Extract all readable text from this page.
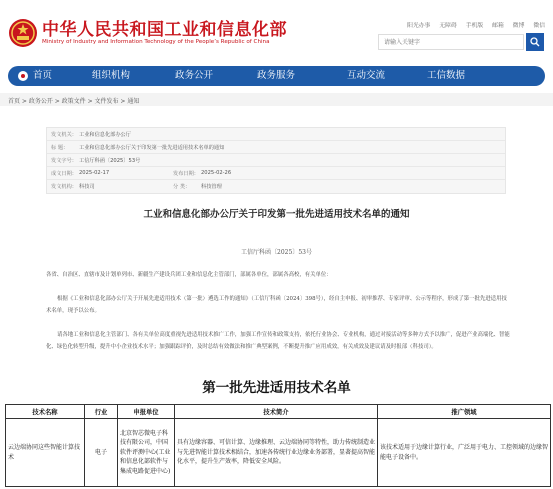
中华人民共和国工业和信息化部
Ministry of Industry and Information Technology of the People’s Republic of China
阳光办事 无障碍 手机版 邮箱 微博 微信
请输入关键字
首页	组织机构	政务公开	政务服务	互动交流	工信数据
首页 > 政务公开 > 政策文件 > 文件发布 > 通知
发文机关： 工业和信息化部办公厅
标 题：	工业和信息化部办公厅关于印发第一批先进适用技术名单的通知
发文字号： 工信厅科函〔2025〕53号
成文日期： 2025-02-17	发布日期： 2025-02-26
发文机构： 科技司	分 类：	科技管理
工业和信息化部办公厅关于印发第一批先进适用技术名单的通知
工信厅科函〔2025〕53号
各省、自治区、直辖市及计划单列市、新疆生产建设兵团工业和信息化主管部门，部属各单位，部属各高校，有关单位：
根据《工业和信息化部办公厅关于开展先进适用技术（第一批）遴选工作的通知》（工信厅科函〔2024〕398号），经自主申报、初审推荐、专家评审、公示等程序，形成了第一批先进适用技术名单，现予以公布。
请各地工业和信息化主管部门、各有关单位高度重视先进适用技术推广工作，加强工作宣传和政策支持，依托行业协会、专业机构，通过对接活动等多种方式予以推广，促进产业高端化、智能化、绿色化转型升级，提升中小企业技术水平；加强跟踪评价，及时总结有效做法和推广典型案例，不断提升推广应用成效，有关成效及建议请及时报部（科技司）。
第一批先进适用技术名单
技术名称	行业	申报单位	技术简介	推广领域
云边端协同这些智能计算技术	电子	北京智芯微电子科技有限公司，中国软件评测中心(工业和信息化部软件与集成电路促进中心)	具有边缘容器、可信计算、边缘推理、云边端协同等特性，助力传统制造业与先进智能计算技术相结合，加速各传统行业边缘业务部署，显著提高智能化水平，提升生产效率，降低安全风险。	该技术适用于边缘计算行业，广泛用于电力、工控领域的边缘智能电子设备中。
